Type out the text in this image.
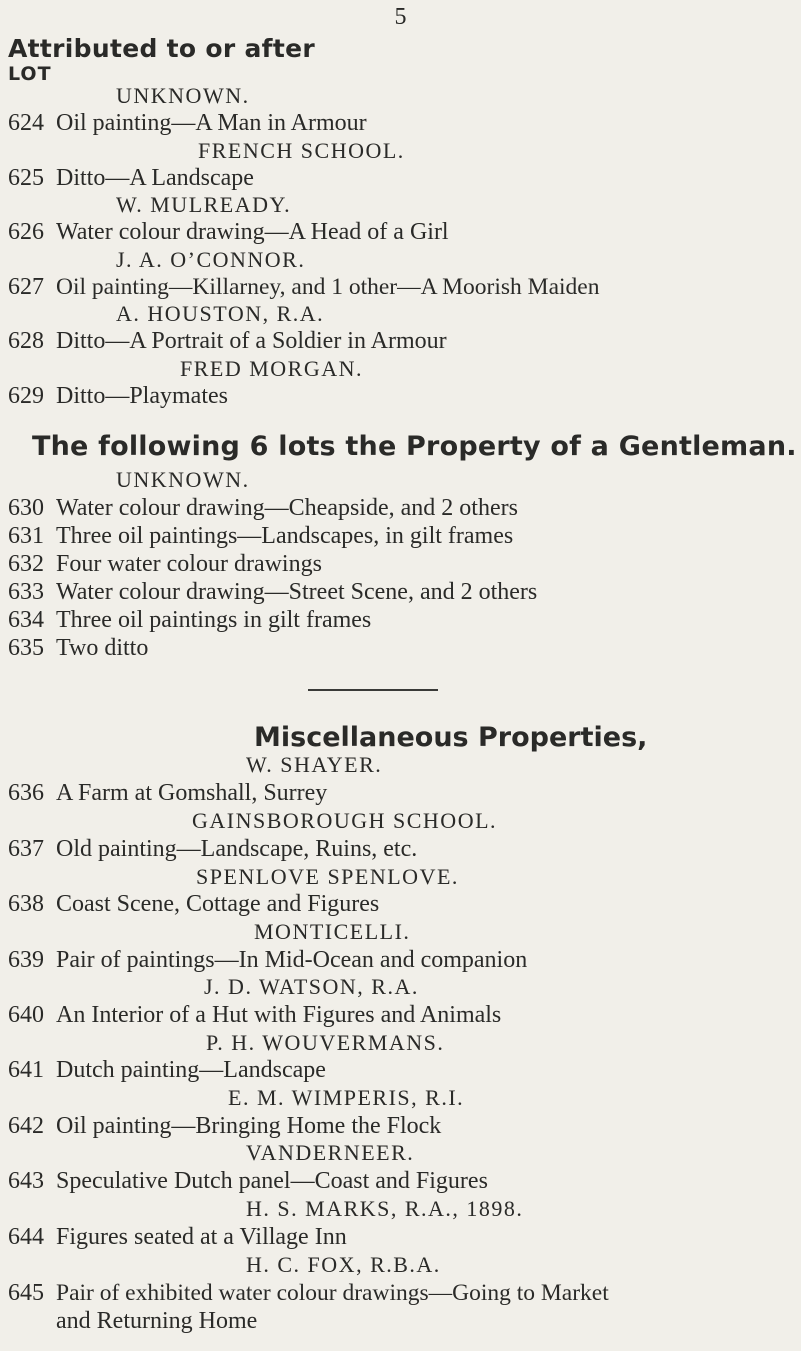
5
Attributed to or after
LOT
UNKNOWN.
624 Oil painting—A Man in Armour
FRENCH SCHOOL.
625 Ditto—A Landscape
W. MULREADY.
626 Water colour drawing—A Head of a Girl
J. A. O’CONNOR.
627 Oil painting—Killarney, and 1 other—A Moorish Maiden
A. HOUSTON, R.A.
628 Ditto—A Portrait of a Soldier in Armour
FRED MORGAN.
629 Ditto—Playmates
The following 6 lots the Property of a Gentleman.
UNKNOWN.
630 Water colour drawing—Cheapside, and 2 others
631 Three oil paintings—Landscapes, in gilt frames
632 Four water colour drawings
633 Water colour drawing—Street Scene, and 2 others
634 Three oil paintings in gilt frames
635 Two ditto
Miscellaneous Properties,
W. SHAYER.
636 A Farm at Gomshall, Surrey
GAINSBOROUGH SCHOOL.
637 Old painting—Landscape, Ruins, etc.
SPENLOVE SPENLOVE.
638 Coast Scene, Cottage and Figures
MONTICELLI.
639 Pair of paintings—In Mid-Ocean and companion
J. D. WATSON, R.A.
640 An Interior of a Hut with Figures and Animals
P. H. WOUVERMANS.
641 Dutch painting—Landscape
E. M. WIMPERIS, R.I.
642 Oil painting—Bringing Home the Flock
VANDERNEER.
643 Speculative Dutch panel—Coast and Figures
H. S. MARKS, R.A., 1898.
644 Figures seated at a Village Inn
H. C. FOX, R.B.A.
645 Pair of exhibited water colour drawings—Going to Market
and Returning Home
